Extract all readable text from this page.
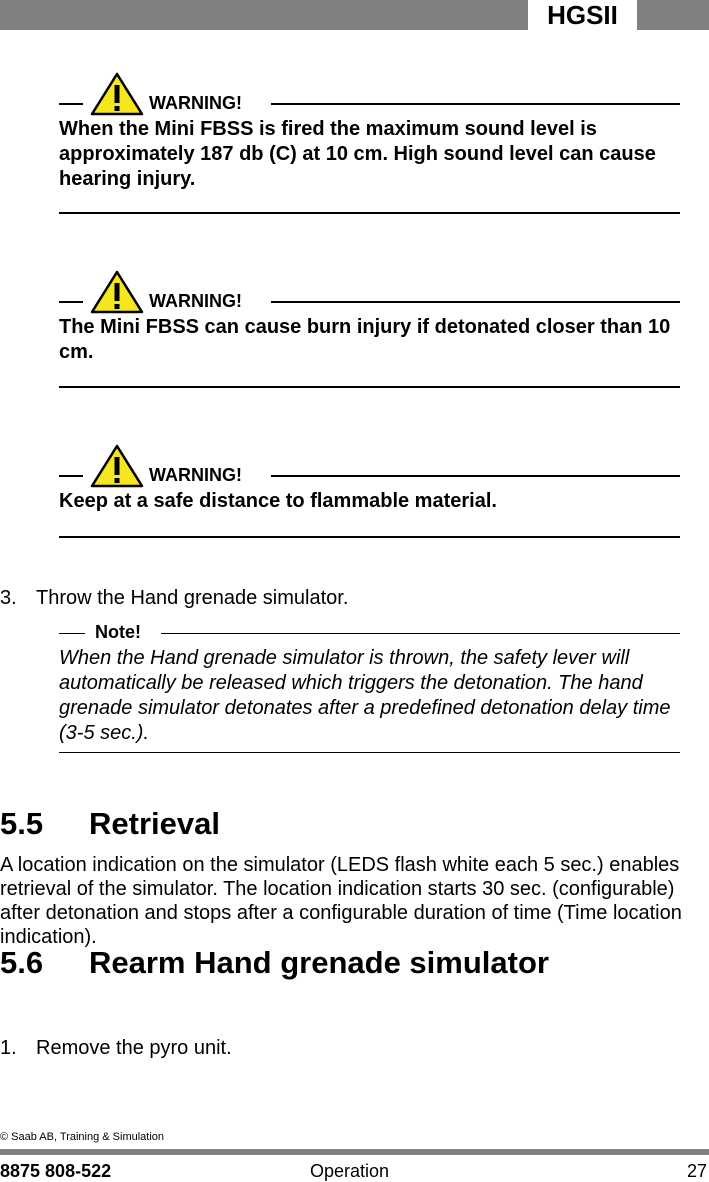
HGSII
WARNING!

When the Mini FBSS is fired the maximum sound level is approximately 187 db (C) at 10 cm. High sound level can cause hearing injury.

WARNING!

The Mini FBSS can cause burn injury if detonated closer than 10 cm.

WARNING!

Keep at a safe distance to flammable material.

3. Throw the Hand grenade simulator.
Note!

When the Hand grenade simulator is thrown, the safety lever will automatically be released which triggers the detonation. The hand grenade simulator detonates after a predefined detonation delay time (3-5 sec.).

5.5 Retrieval

A location indication on the simulator (LEDS flash white each 5 sec.) enables retrieval of the simulator. The location indication starts 30 sec. (configurable) after detonation and stops after a configurable duration of time (Time location indication).

5.6 Rearm Hand grenade simulator
1. Remove the pyro unit.
© Saab AB, Training & Simulation
8875 808-522	Operation	27
